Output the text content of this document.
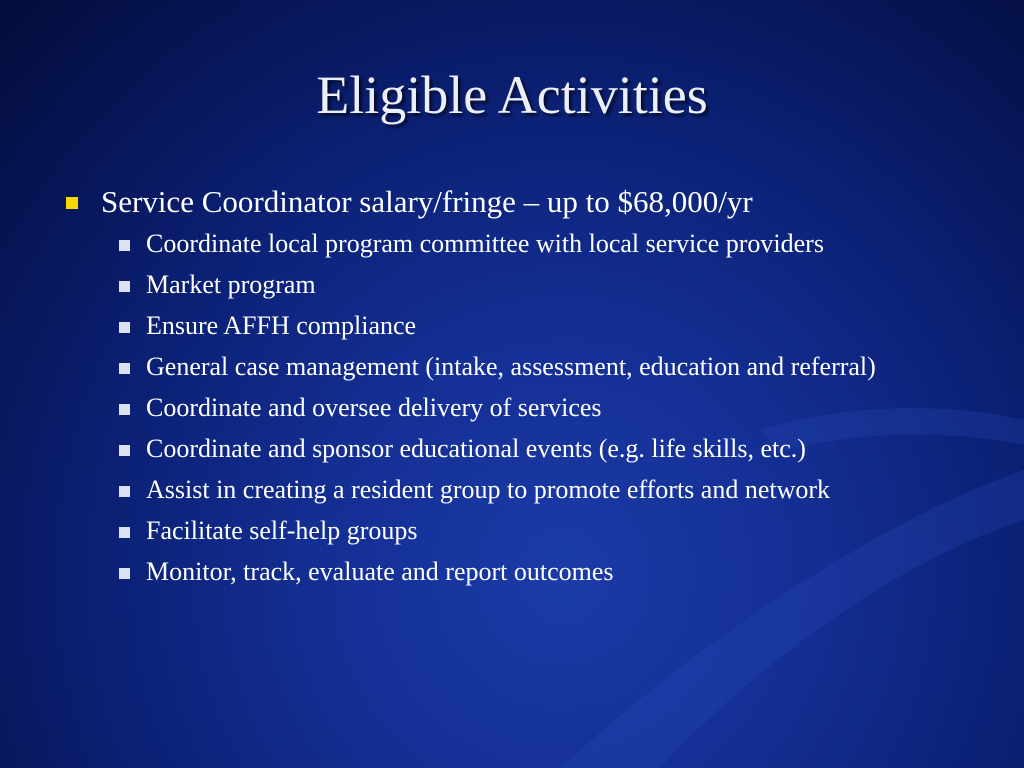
Eligible Activities
Service Coordinator salary/fringe – up to $68,000/yr
Coordinate local program committee with local service providers
Market program
Ensure AFFH compliance
General case management (intake, assessment, education and referral)
Coordinate and oversee delivery of services
Coordinate and sponsor educational events (e.g. life skills, etc.)
Assist in creating a resident group to promote efforts and network
Facilitate self-help groups
Monitor, track, evaluate and report outcomes
